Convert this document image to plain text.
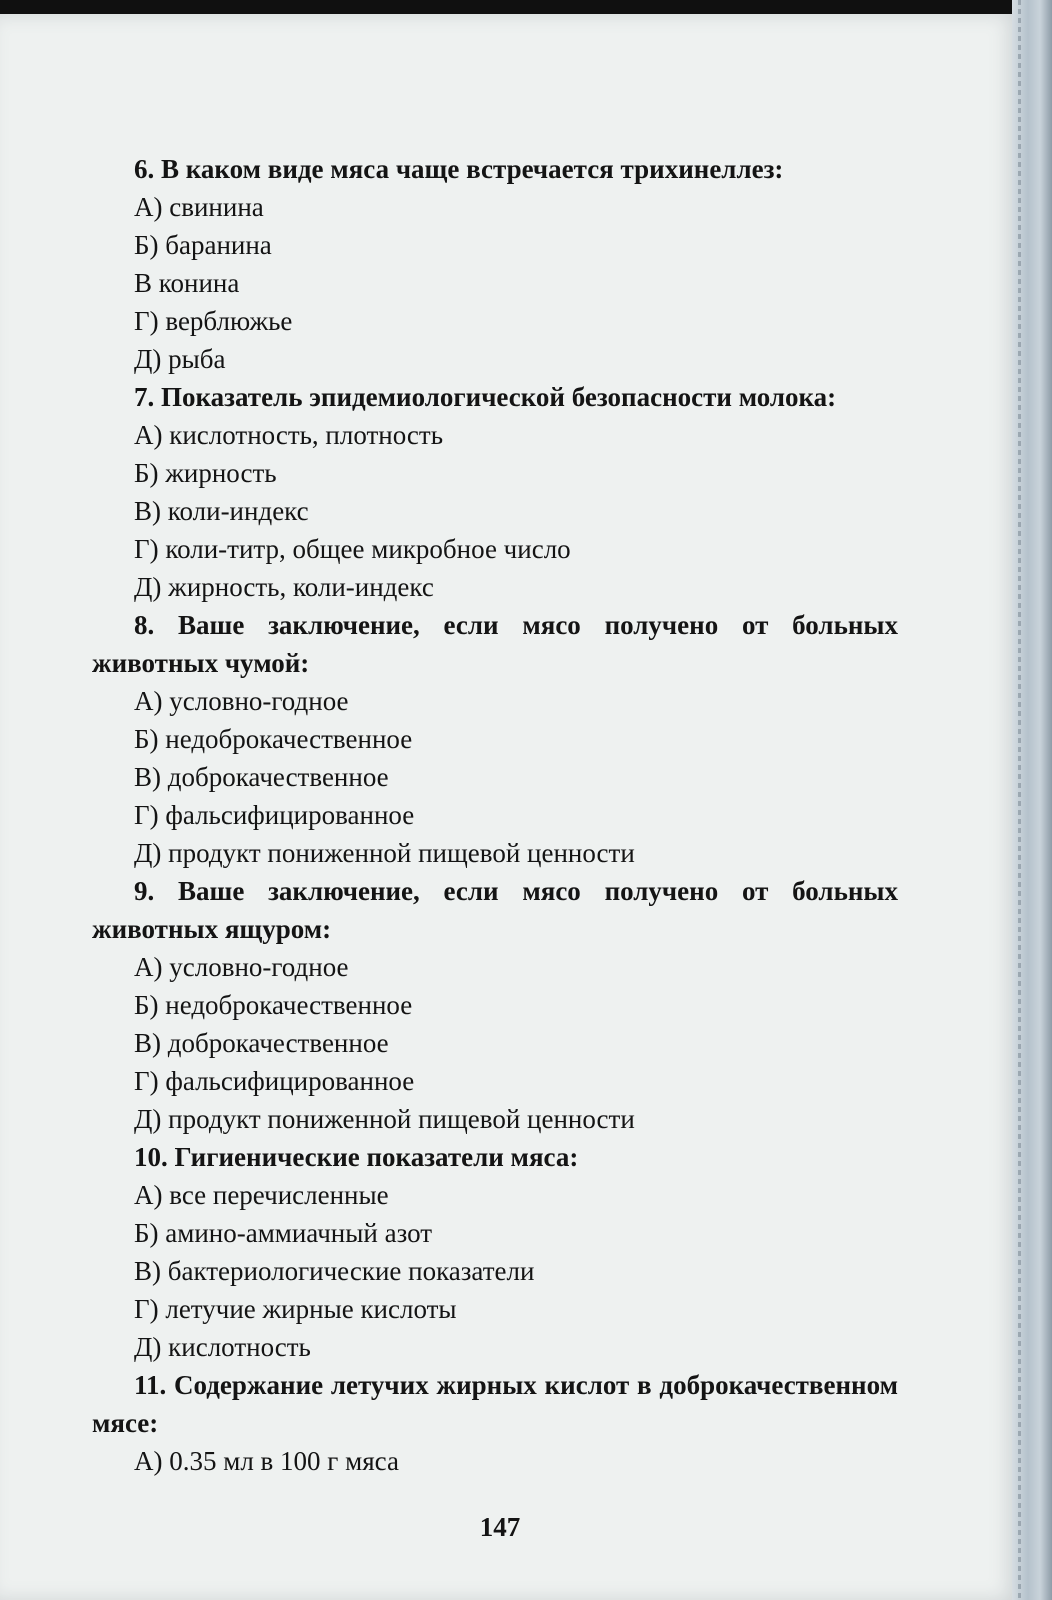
6. В каком виде мяса чаще встречается трихинеллез:

А) свинина

Б) баранина

В конина

Г) верблюжье

Д) рыба

7. Показатель эпидемиологической безопасности молока:

А) кислотность, плотность

Б) жирность

В) коли-индекс

Г) коли-титр, общее микробное число

Д) жирность, коли-индекс

8. Ваше заключение, если мясо получено от больных животных чумой:

А) условно-годное

Б) недоброкачественное

В) доброкачественное

Г) фальсифицированное

Д) продукт пониженной пищевой ценности

9. Ваше заключение, если мясо получено от больных животных ящуром:

А) условно-годное

Б) недоброкачественное

В) доброкачественное

Г) фальсифицированное

Д) продукт пониженной пищевой ценности

10. Гигиенические показатели мяса:

А) все перечисленные

Б) амино-аммиачный азот

В) бактериологические показатели

Г) летучие жирные кислоты

Д) кислотность

11. Содержание летучих жирных кислот в доброкачественном мясе:

А) 0.35 мл в 100 г мяса

147
